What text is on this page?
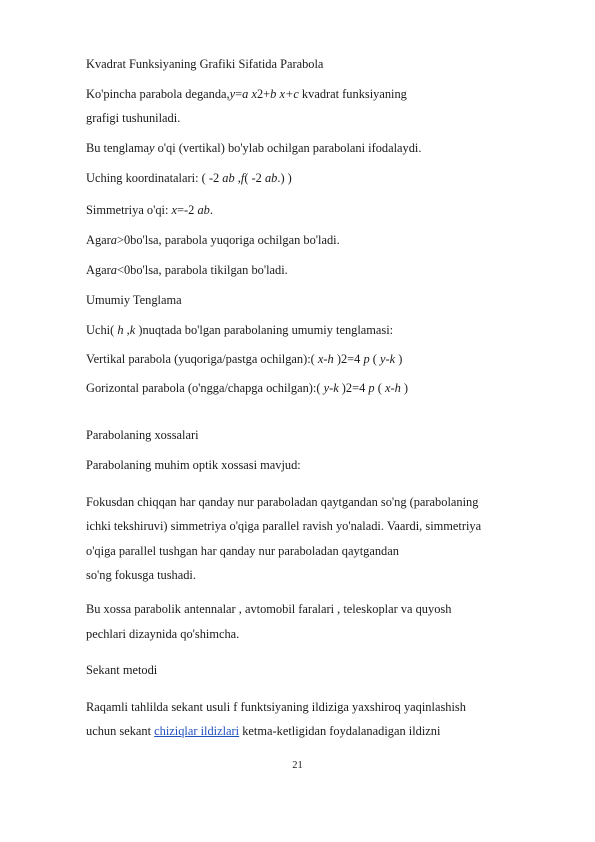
Kvadrat Funksiyaning Grafiki Sifatida Parabola
Ko'pincha parabola deganda,y=a x2+b x+c kvadrat funksiyaning
grafigi tushuniladi.
Bu tenglamay o'qi (vertikal) bo'ylab ochilgan parabolani ifodalaydi.
Uching koordinatalari: ( -2 ab ,f( -2 ab.) )
Simmetriya o'qi: x=-2 ab.
Agara>0bo'lsa, parabola yuqoriga ochilgan bo'ladi.
Agara<0bo'lsa, parabola tikilgan bo'ladi.
Umumiy Tenglama
Uchi( h ,k )nuqtada bo'lgan parabolaning umumiy tenglamasi:
Vertikal parabola (yuqoriga/pastga ochilgan):( x-h )2=4 p ( y-k )
Gorizontal parabola (o'ngga/chapga ochilgan):( y-k )2=4 p ( x-h )
Parabolaning xossalari
Parabolaning muhim optik xossasi mavjud:
Fokusdan chiqqan har qanday nur paraboladan qaytgandan so'ng (parabolaning
ichki tekshiruvi) simmetriya o'qiga parallel ravish yo'naladi. Vaardi, simmetriya
o'qiga parallel tushgan har qanday nur paraboladan qaytgandan
so'ng fokusga tushadi.
Bu xossa parabolik antennalar , avtomobil faralari , teleskoplar va quyosh
pechlari dizaynida qo'shimcha.
Sekant metodi
Raqamli tahlilda sekant usuli f funktsiyaning ildiziga yaxshiroq yaqinlashish
uchun sekant chiziqlar ildizlari ketma-ketligidan foydalanadigan ildizni
21
